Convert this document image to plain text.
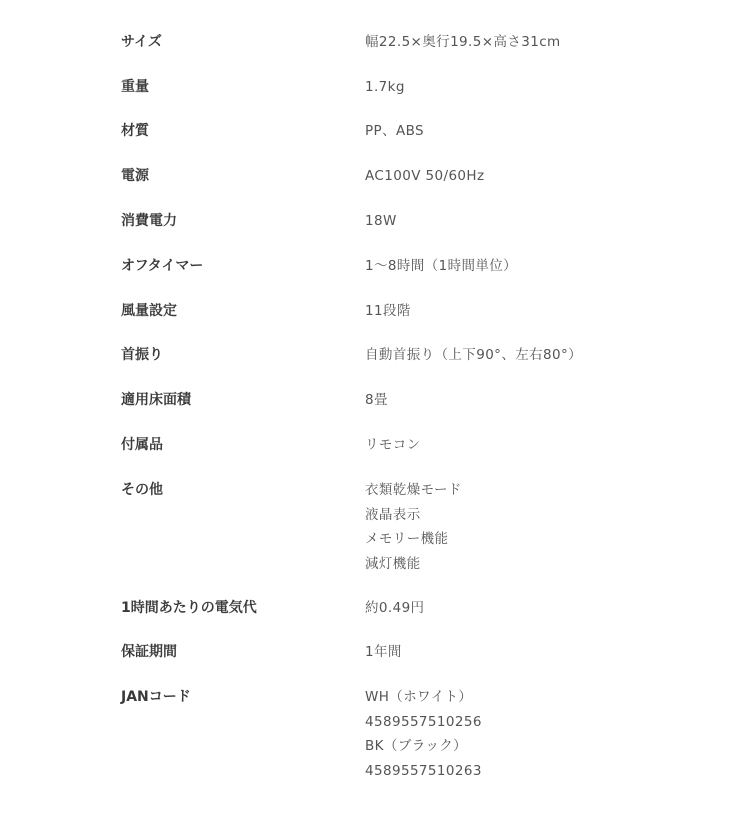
サイズ	幅22.5×奥行19.5×高さ31cm
重量	1.7kg
材質	PP、ABS
電源	AC100V 50/60Hz
消費電力	18W
オフタイマー	1～8時間（1時間単位）
風量設定	11段階
首振り	自動首振り（上下90°、左右80°）
適用床面積	8畳
付属品	リモコン
その他	衣類乾燥モード
液晶表示
メモリー機能
減灯機能
1時間あたりの電気代	約0.49円
保証期間	1年間
JANコード	WH（ホワイト）
4589557510256
BK（ブラック）
4589557510263
